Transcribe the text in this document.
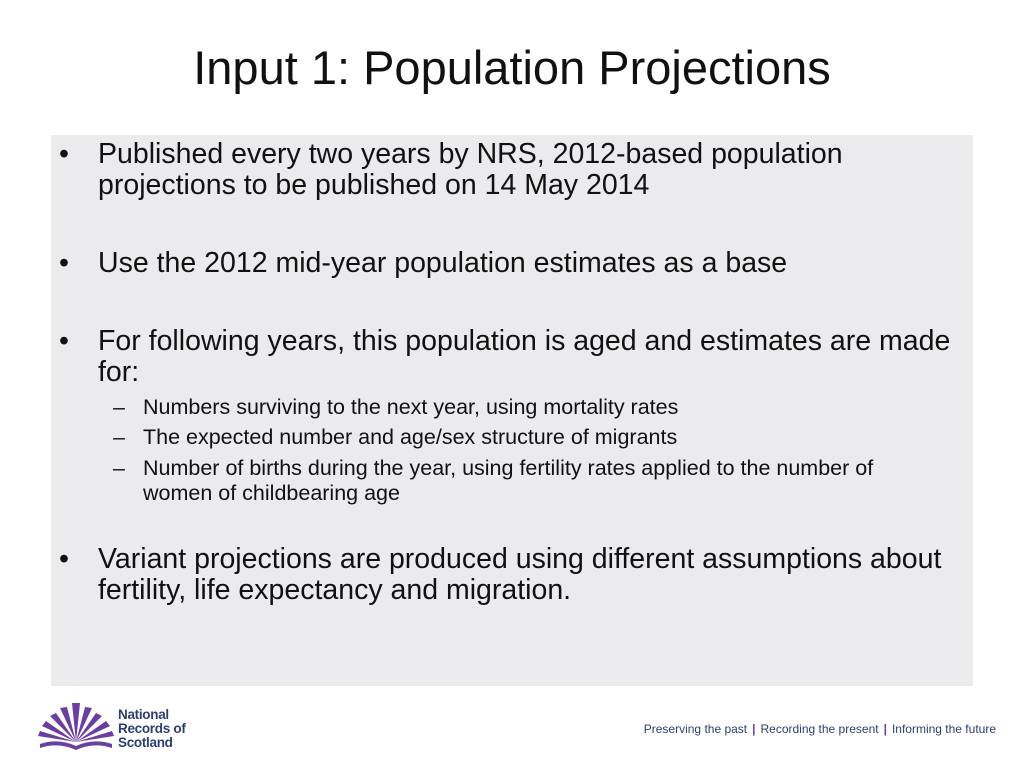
Input 1: Population Projections
• Published every two years by NRS, 2012-based population projections to be published on 14 May 2014
• Use the 2012 mid-year population estimates as a base
• For following years, this population is aged and estimates are made for:
– Numbers surviving to the next year, using mortality rates
– The expected number and age/sex structure of migrants
– Number of births during the year, using fertility rates applied to the number of women of childbearing age
• Variant projections are produced using different assumptions about fertility, life expectancy and migration.
National
Records of
Scotland
Preserving the past | Recording the present | Informing the future
